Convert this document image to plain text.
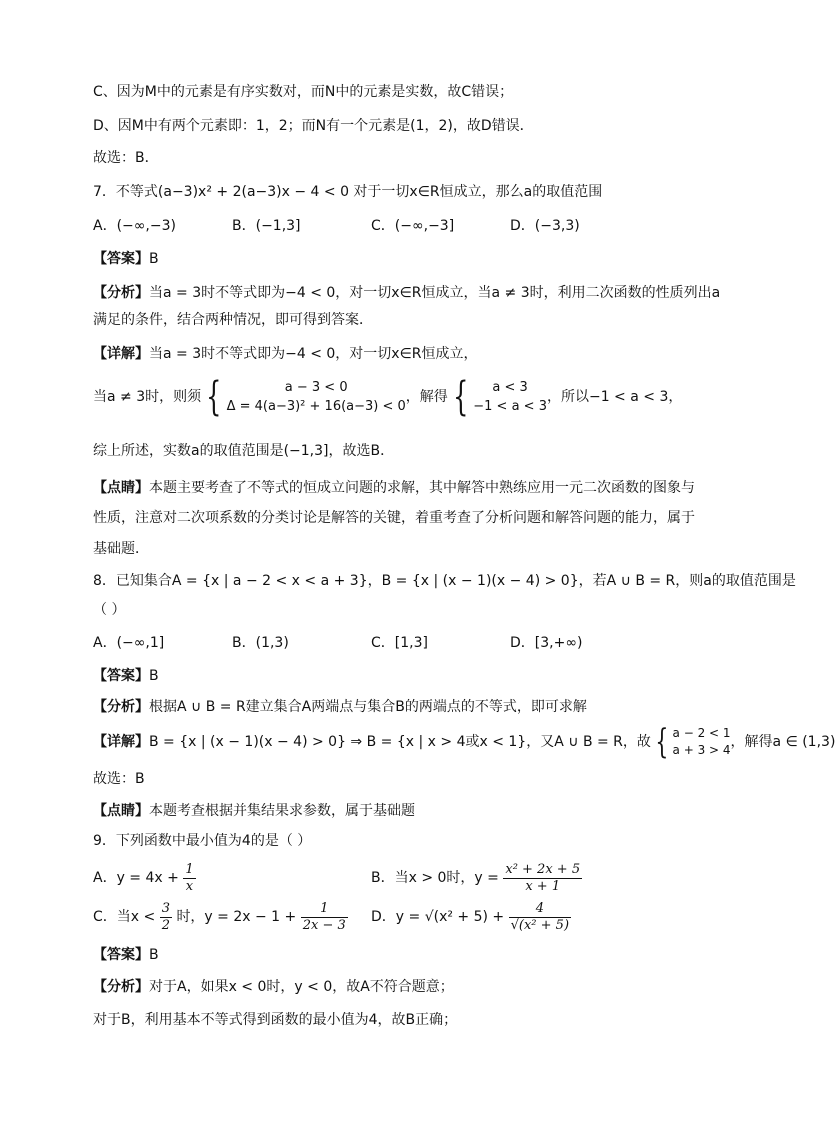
C、因为M中的元素是有序实数对，而N中的元素是实数，故C错误；
D、因M中有两个元素即：1，2；而N有一个元素是(1，2)，故D错误．
故选：B．
7．不等式(a−3)x² + 2(a−3)x − 4 < 0 对于一切x∈R恒成立，那么a的取值范围
A．(−∞,−3)	B．(−1,3]	C．(−∞,−3]	D．(−3,3)
【答案】B
【分析】当a = 3时不等式即为−4 < 0，对一切x∈R恒成立，当a ≠ 3时，利用二次函数的性质列出a
满足的条件，结合两种情况，即可得到答案．
【详解】当a = 3时不等式即为−4 < 0，对一切x∈R恒成立，
当a ≠ 3时，则须 {	a − 3 < 0
Δ = 4(a−3)² + 16(a−3) < 0
，解得 {	a < 3
−1 < a < 3
，所以−1 < a < 3，
综上所述，实数a的取值范围是(−1,3]，故选B．
【点睛】本题主要考查了不等式的恒成立问题的求解，其中解答中熟练应用一元二次函数的图象与
性质，注意对二次项系数的分类讨论是解答的关键，着重考查了分析问题和解答问题的能力，属于
基础题．
8．已知集合A = {x | a − 2 < x < a + 3}，B = {x | (x − 1)(x − 4) > 0}，若A ∪ B = R，则a的取值范围是
（ ）
A．(−∞,1]	B．(1,3)	C．[1,3]	D．[3,+∞)
【答案】B
【分析】根据A ∪ B = R建立集合A两端点与集合B的两端点的不等式，即可求解
【详解】B = {x | (x − 1)(x − 4) > 0} ⇒ B = {x | x > 4或x < 1}，又A ∪ B = R，故 { a − 2 < 1
a + 3 > 4 ，解得a ∈ (1,3)
故选：B
【点睛】本题考查根据并集结果求参数，属于基础题
9．下列函数中最小值为4的是（ ）
A．$y = 4x + \frac{1}{x}$	B．当x > 0时，$y = \frac{\text{x² + 2x + 5}}{x + 1}$
C．当$x < \frac{3}{2}$ 时，$y = 2x - 1 + \frac{1}{2x - 3}$ D．$y = √(x^2 + 5) + \frac{4}{\text{√(x² + 5)}}$
【答案】B
【分析】对于A，如果x < 0时，y < 0，故A不符合题意；
对于B，利用基本不等式得到函数的最小值为4，故B正确；
